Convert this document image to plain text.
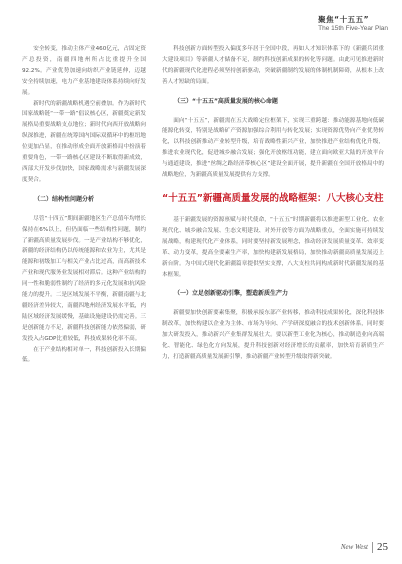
聚焦“十五五”
The 15th Five-Year Plan

安全转变，推动主体产业460亿元，占固定资产总投资，南疆四地州所占比重提升全国92.2%。产业优势加速向纺织产业链延伸，迈越安全持续加速，电力产业基地建设体系持续向好发展。

新时代的新疆战略机遇空前叠加。作为新时代国家战略链“一带一路”倡议核心区，新疆奠定新发展格局重要战略支点地位；新时代向西开放战略向纵深推进，新疆在统筹国内国际双循环中的枢纽地位更加凸显，在推动形成全面开放新格局中扮演着重要角色，一带一路核心区建设不断取得新成效，西部大开发步伐加快，国家战略需求与新疆发展深度契合。

（二）结构性问题分析

尽管“十四五”期间新疆地区生产总值年均增长保持在6%以上，但仍面临一些结构性问题，制约了新疆高质量发展步伐。一是产业结构不够优化，新疆的经济结构仍以传统能源和农业为主，尤其是能源和初级加工与相关产业占比过高，而高新技术产业和现代服务业发展相对滞后。这种产业结构的同一性和脆弱性制约了经济的多元化发展和抗风险能力的提升。二是区域发展不平衡，新疆南疆与北疆经济差异较大，南疆四地州经济发展水平低，内陆区域经济发展缓慢，基础设施建设仍需完善。三是创新能力不足，新疆科技创新能力依然偏弱，研发投入占GDP比重较低，科技成果转化率不高。

在于产业结构相对单一，科技创新投入长期偏低。

科技创新方面转型投入偏度多年居于全国中段，再如人才知识体系下的《新疆兵团重大建设项目》等新疆人才储备不足，制约科技创新成果的转化等问题。由此可见推进新时代的新疆现代化进程必须坚持创新驱动，突破新疆制约发展的体制机制障碍，从根本上改善人才短缺的局面。

（三）“十五五”高质量发展的核心命题

面向“十五五”，新疆需在五大战略定位框架下，实现三重跨越：推动能源基地向低碳能源化转变，特别是战略矿产资源加强综合利用与转化发展；实现资源优势向产业优势转化，以科技创新推动产业转型升级，培育战略性新兴产业，加快推进产业结构优化升级，推进农业现代化，促进城乡融合发展；强化开放枢纽功能，建立面向欧亚大陆的开放平台与通道建设，推进“丝绸之路经济带核心区”建设全面开展，提升新疆在全国开放格局中的战略地位，为新疆高质量发展提供有力支撑。

“十五五”新疆高质量发展的战略框架：八大核心支柱

基于新疆发展的资源禀赋与时代使命，“十五五”时期新疆将以推进新型工业化、农业现代化、城乡融合发展、生态文明建设、对外开放等方面为战略重点，全面实施可持续发展战略，构建现代化产业体系，同时要坚持新发展理念，推动经济发展质量变革、效率变革、动力变革，提高全要素生产率，加快构建新发展格局，加快推动新疆高质量发展迈上新台阶。为中国式现代化新疆篇章提供坚实支撑，八大支柱共同构成新时代新疆发展的基本框架。

（一）立足创新驱动引擎，塑造新质生产力

新疆要加快创新要素集聚，积极承接东部产业转移，推动科技成果转化，深化科技体制改革，加快构建以企业为主体、市场为导向、产学研深度融合的技术创新体系，同时要加大研发投入，推动新兴产业集群发展壮大。要以新型工业化为核心，推动制造业向高端化、智能化、绿色化方向发展，提升科技创新对经济增长的贡献率，加快培育新质生产力，打造新疆高质量发展新引擎，推动新疆产业转型升级取得新突破。

New West 25
